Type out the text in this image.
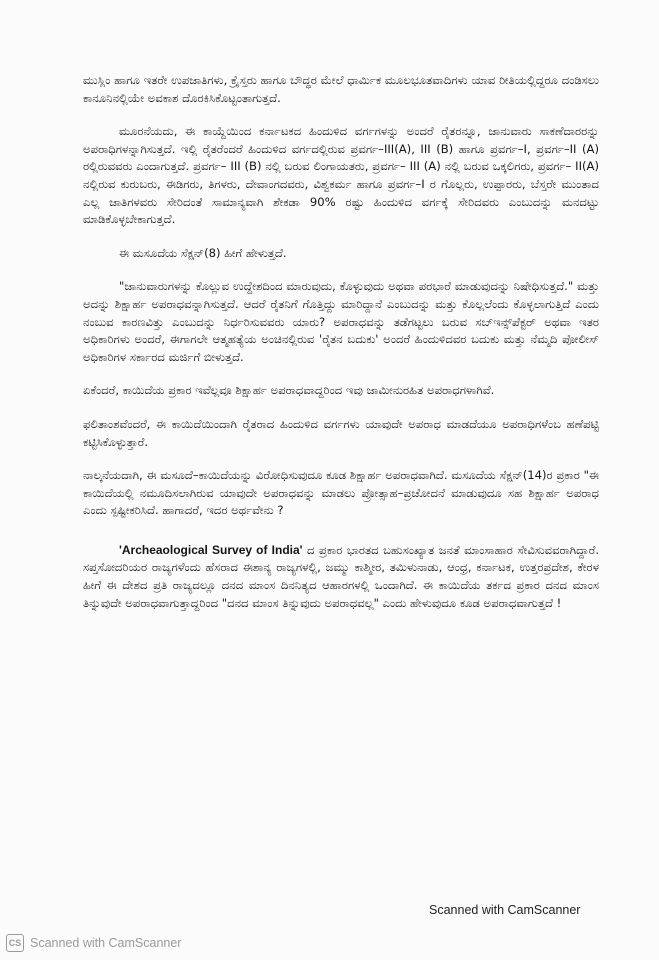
ಮುಸ್ಲಿಂ ಹಾಗೂ ಇತರೇ ಉಪಜಾತಿಗಳು, ಕ್ರೈಸ್ತರು ಹಾಗೂ ಬೌದ್ಧರ ಮೇಲೆ ಧಾರ್ಮಿಕ ಮೂಲಭೂತವಾದಿಗಳು ಯಾವ ರೀತಿಯಲ್ಲಿದ್ದರೂ ದಂಡಿಸಲು ಕಾನೂನಿನಲ್ಲಿಯೇ ಅವಕಾಶ ದೊರಕಿಸಿಕೊಟ್ಟಂತಾಗುತ್ತದೆ.

ಮೂರನೆಯದು, ಈ ಕಾಯ್ದೆಯಿಂದ ಕರ್ನಾಟಕದ ಹಿಂದುಳಿದ ವರ್ಗಗಳನ್ನು ಅಂದರೆ ರೈತರನ್ನೂ, ಜಾನುವಾರು ಸಾಕಣೆದಾರರನ್ನು ಅಪರಾಧಿಗಳನ್ನಾಗಿಸುತ್ತದೆ. ಇಲ್ಲಿ ರೈತರೆಂದರೆ ಹಿಂದುಳಿದ ವರ್ಗದಲ್ಲಿರುವ ಪ್ರವರ್ಗ–III(A), III (B) ಹಾಗೂ ಪ್ರವರ್ಗ–I, ಪ್ರವರ್ಗ–II (A) ರಲ್ಲಿರುವವರು ಎಂದಾಗುತ್ತದೆ. ಪ್ರವರ್ಗ– III (B) ನಲ್ಲಿ ಬರುವ ಲಿಂಗಾಯತರು, ಪ್ರವರ್ಗ– III (A) ನಲ್ಲಿ ಬರುವ ಒಕ್ಕಲಿಗರು, ಪ್ರವರ್ಗ– II(A) ನಲ್ಲಿರುವ ಕುರುಬರು, ಈಡಿಗರು, ತಿಗಳರು, ದೇವಾಂಗದವರು, ವಿಶ್ವಕರ್ಮ ಹಾಗೂ ಪ್ರವರ್ಗ–I ರ ಗೊಲ್ಲರು, ಉಪ್ಪಾರರು, ಬೆಸ್ತರೇ ಮುಂತಾದ ಎಲ್ಲ ಜಾತಿಗಳವರು ಸೇರಿದಂತೆ ಸಾಮಾನ್ಯವಾಗಿ ಶೇಕಡಾ 90% ರಷ್ಟು ಹಿಂದುಳಿದ ವರ್ಗಕ್ಕೆ ಸೇರಿದವರು ಎಂಬುದನ್ನು ಮನದಟ್ಟು ಮಾಡಿಕೊಳ್ಳಬೇಕಾಗುತ್ತದೆ.

ಈ ಮಸೂದೆಯ ಸೆಕ್ಷನ್(8) ಹೀಗೆ ಹೇಳುತ್ತದೆ.

"ಜಾನುವಾರುಗಳನ್ನು ಕೊಲ್ಲುವ ಉದ್ದೇಶದಿಂದ ಮಾರುವುದು, ಕೊಳ್ಳುವುದು ಅಥವಾ ಪರಭಾರೆ ಮಾಡುವುದನ್ನು ನಿಷೇಧಿಸುತ್ತದೆ." ಮತ್ತು ಅದನ್ನು ಶಿಕ್ಷಾರ್ಹ ಅಪರಾಧವನ್ನಾಗಿಸುತ್ತದೆ. ಆದರೆ ರೈತನಿಗೆ ಗೊತ್ತಿದ್ದು ಮಾರಿದ್ದಾನೆ ಎಂಬುದನ್ನು ಮತ್ತು ಕೊಲ್ಲಲೆಂದು ಕೊಳ್ಳಲಾಗುತ್ತಿದೆ ಎಂದು ನಂಬುವ ಕಾರಣವಿತ್ತು ಎಂಬುದನ್ನು ನಿರ್ಧರಿಸುವವರು ಯಾರು? ಅಪರಾಧವನ್ನು ತಡೆಗಟ್ಟಲು ಬರುವ ಸಬ್‌ಇನ್ಸ್‌ಪೆಕ್ಟರ್ ಅಥವಾ ಇತರ ಅಧಿಕಾರಿಗಳು ಅಂದರೆ, ಈಗಾಗಲೇ ಆತ್ಮಹತ್ಯೆಯ ಅಂಚಿನಲ್ಲಿರುವ 'ರೈತನ ಬದುಕು' ಅಂದರೆ ಹಿಂದುಳಿದವರ ಬದುಕು ಮತ್ತು ನೆಮ್ಮದಿ ಪೋಲೀಸ್ ಅಧಿಕಾರಿಗಳ ಸರ್ಕಾರದ ಮರ್ಜಿಗೆ ಬೀಳುತ್ತದೆ.

ಏಕೆಂದರೆ, ಕಾಯಿದೆಯ ಪ್ರಕಾರ ಇವೆಲ್ಲವೂ ಶಿಕ್ಷಾರ್ಹ ಅಪರಾಧವಾದ್ದರಿಂದ ಇವು ಜಾಮೀನುರಹಿತ ಅಪರಾಧಗಳಾಗಿವೆ.

ಫಲಿತಾಂಶವೆಂದರೆ, ಈ ಕಾಯಿದೆಯಿಂದಾಗಿ ರೈತರಾದ ಹಿಂದುಳಿದ ವರ್ಗಗಳು ಯಾವುದೇ ಅಪರಾಧ ಮಾಡದೆಯೂ ಅಪರಾಧಿಗಳೆಂಬ ಹಣೆಪಟ್ಟಿ ಕಟ್ಟಿಸಿಕೊಳ್ಳುತ್ತಾರೆ.

ನಾಲ್ಕನೆಯದಾಗಿ, ಈ ಮಸೂದೆ–ಕಾಯಿದೆಯನ್ನು ವಿರೋಧಿಸುವುದೂ ಕೂಡ ಶಿಕ್ಷಾರ್ಹ ಅಪರಾಧವಾಗಿದೆ. ಮಸೂದೆಯ ಸೆಕ್ಷನ್(14)ರ ಪ್ರಕಾರ "ಈ ಕಾಯಿದೆಯಲ್ಲಿ ನಮೂದಿಸಲಾಗಿರುವ ಯಾವುದೇ ಅಪರಾಧವನ್ನು ಮಾಡಲು ಪ್ರೋತ್ಸಾಹ–ಪ್ರಚೋದನೆ ಮಾಡುವುದೂ ಸಹ ಶಿಕ್ಷಾರ್ಹ ಅಪರಾಧ ಎಂದು ಸ್ಪಷ್ಟೀಕರಿಸಿದೆ. ಹಾಗಾದರೆ, ಇದರ ಅರ್ಥವೇನು ?

'Archeaological Survey of India' ದ ಪ್ರಕಾರ ಭಾರತದ ಬಹುಸಂಖ್ಯಾತ ಜನತೆ ಮಾಂಸಾಹಾರ ಸೇವಿಸುವವರಾಗಿದ್ದಾರೆ. ಸಪ್ತಸೋದರಿಯರ ರಾಜ್ಯಗಳೆಂದು ಹೆಸರಾದ ಈಶಾನ್ಯ ರಾಜ್ಯಗಳಲ್ಲಿ, ಜಮ್ಮು ಕಾಶ್ಮೀರ, ತಮಿಳುನಾಡು, ಆಂಧ್ರ, ಕರ್ನಾಟಕ, ಉತ್ತರಪ್ರದೇಶ, ಕೇರಳ ಹೀಗೆ ಈ ದೇಶದ ಪ್ರತಿ ರಾಜ್ಯದಲ್ಲೂ ದನದ ಮಾಂಸ ದಿನನಿತ್ಯದ ಆಹಾರಗಳಲ್ಲಿ ಒಂದಾಗಿದೆ. ಈ ಕಾಯಿದೆಯ ತರ್ಕದ ಪ್ರಕಾರ ದನದ ಮಾಂಸ ತಿನ್ನುವುದೇ ಅಪರಾಧವಾಗುತ್ತಾದ್ದರಿಂದ "ದನದ ಮಾಂಸ ತಿನ್ನುವುದು ಅಪರಾಧವಲ್ಲ" ಎಂದು ಹೇಳುವುದೂ ಕೂಡ ಅಪರಾಧವಾಗುತ್ತದೆ !

Scanned with CamScanner
CS Scanned with CamScanner
